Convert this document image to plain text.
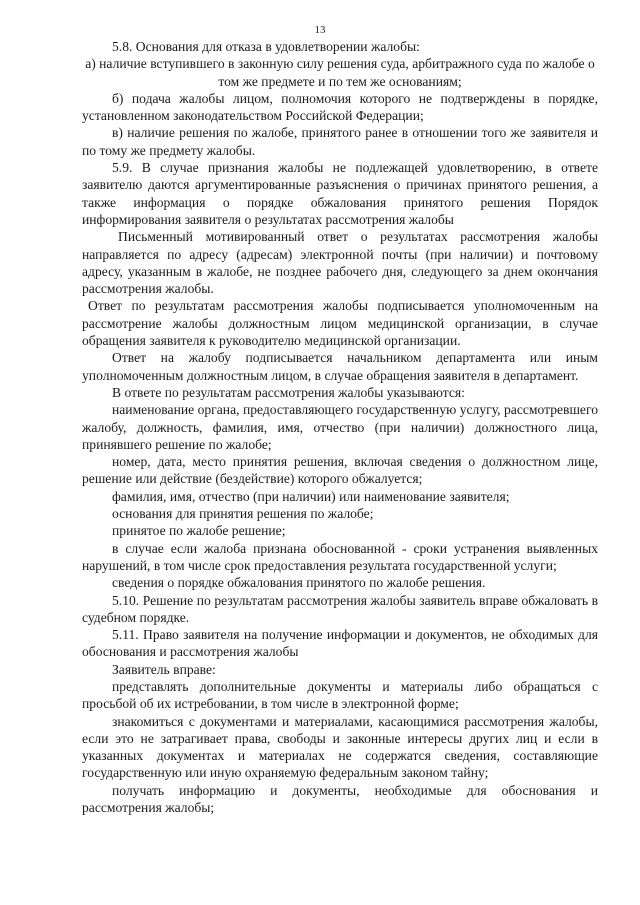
13

5.8. Основания для отказа в удовлетворении жалобы:

а) наличие вступившего в законную силу решения суда, арбитражного суда по жалобе о том же предмете и по тем же основаниям;

б) подача жалобы лицом, полномочия которого не подтверждены в порядке, установленном законодательством Российской Федерации;

в) наличие решения по жалобе, принятого ранее в отношении того же заявителя и по тому же предмету жалобы.

5.9. В случае признания жалобы не подлежащей удовлетворению, в ответе заявителю даются аргументированные разъяснения о причинах принятого решения, а также информация о порядке обжалования принятого решения Порядок информирования заявителя о результатах рассмотрения жалобы

Письменный мотивированный ответ о результатах рассмотрения жалобы направляется по адресу (адресам) электронной почты (при наличии) и почтовому адресу, указанным в жалобе, не позднее рабочего дня, следующего за днем окончания рассмотрения жалобы.

Ответ по результатам рассмотрения жалобы подписывается уполномоченным на рассмотрение жалобы должностным лицом медицинской организации, в случае обращения заявителя к руководителю медицинской организации.

Ответ на жалобу подписывается начальником департамента или иным уполномоченным должностным лицом, в случае обращения заявителя в департамент.

В ответе по результатам рассмотрения жалобы указываются:

наименование органа, предоставляющего государственную услугу, рассмотревшего жалобу, должность, фамилия, имя, отчество (при наличии) должностного лица, принявшего решение по жалобе;

номер, дата, место принятия решения, включая сведения о должностном лице, решение или действие (бездействие) которого обжалуется;

фамилия, имя, отчество (при наличии) или наименование заявителя;

основания для принятия решения по жалобе;

принятое по жалобе решение;

в случае если жалоба признана обоснованной - сроки устранения выявленных нарушений, в том числе срок предоставления результата государственной услуги;

сведения о порядке обжалования принятого по жалобе решения.

5.10. Решение по результатам рассмотрения жалобы заявитель вправе обжаловать в судебном порядке.

5.11. Право заявителя на получение информации и документов, не обходимых для обоснования и рассмотрения жалобы

Заявитель вправе:

представлять дополнительные документы и материалы либо обращаться с просьбой об их истребовании, в том числе в электронной форме;

знакомиться с документами и материалами, касающимися рассмотрения жалобы, если это не затрагивает права, свободы и законные интересы других лиц и если в указанных документах и материалах не содержатся сведения, составляющие государственную или иную охраняемую федеральным законом тайну;

получать информацию и документы, необходимые для обоснования и рассмотрения жалобы;
